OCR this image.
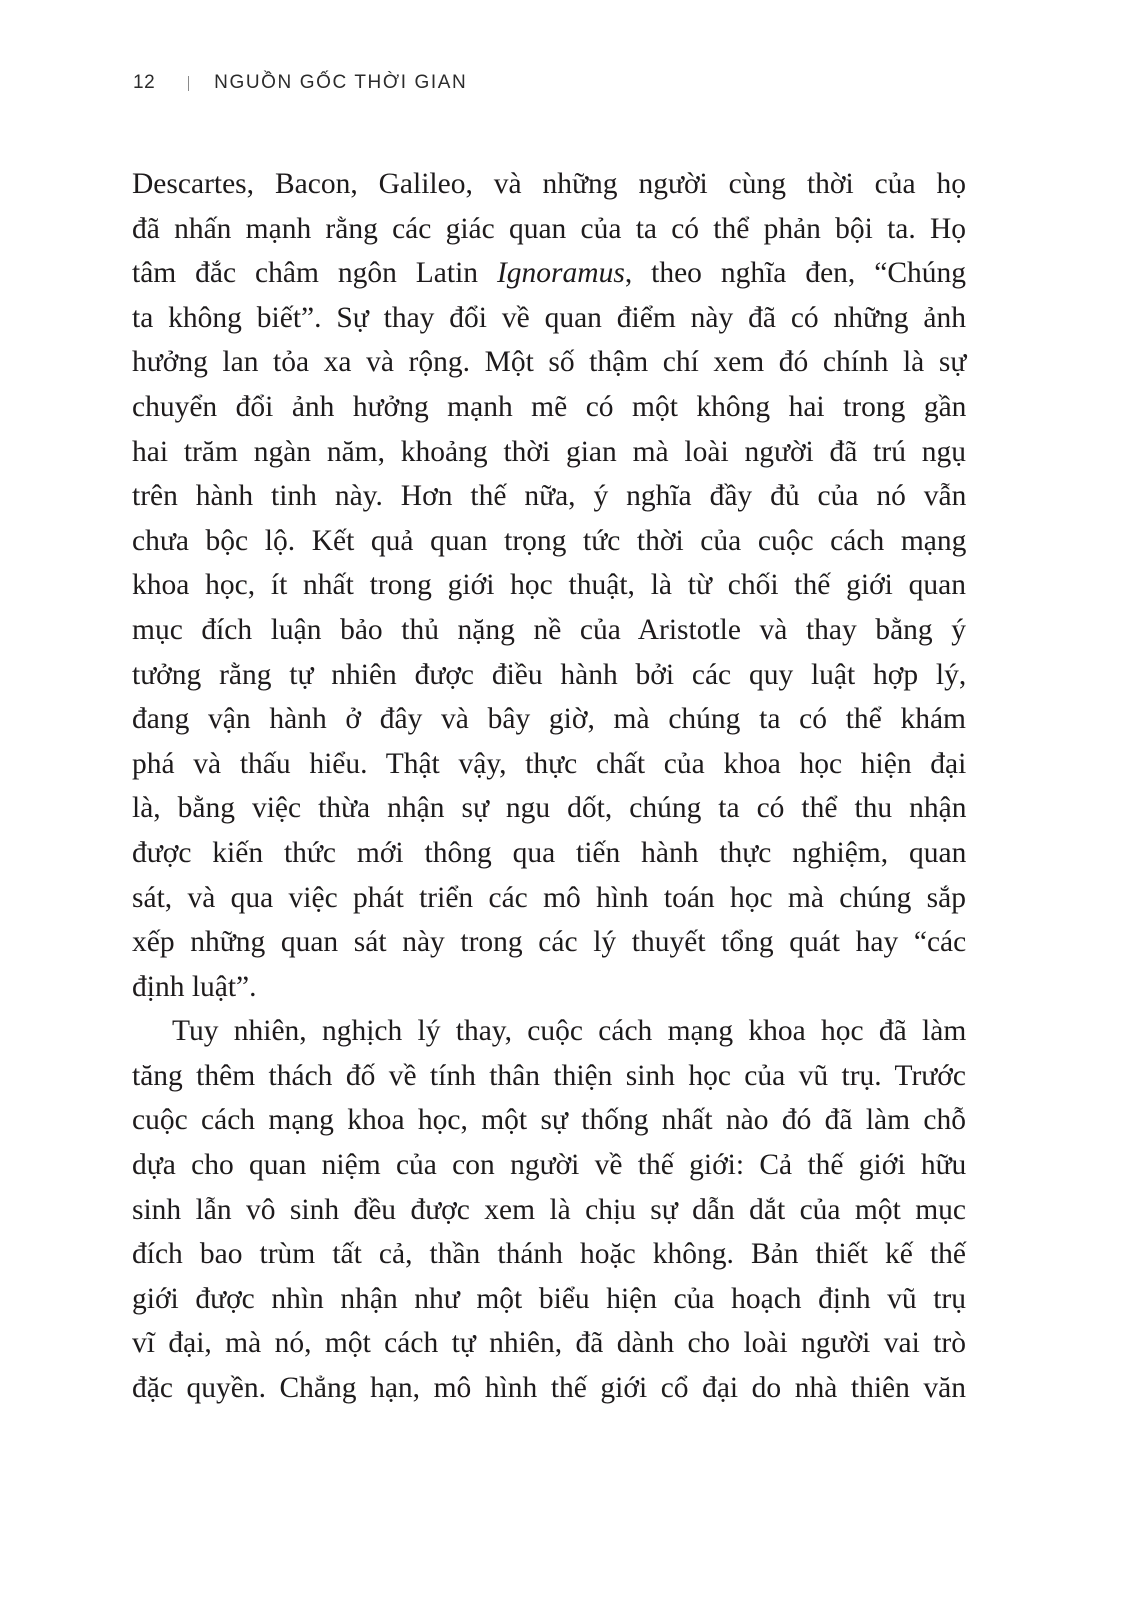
12	NGUỒN GỐC THỜI GIAN
Descartes, Bacon, Galileo, và những người cùng thời của họ
đã nhấn mạnh rằng các giác quan của ta có thể phản bội ta. Họ
tâm đắc châm ngôn Latin Ignoramus, theo nghĩa đen, “Chúng
ta không biết”. Sự thay đổi về quan điểm này đã có những ảnh
hưởng lan tỏa xa và rộng. Một số thậm chí xem đó chính là sự
chuyển đổi ảnh hưởng mạnh mẽ có một không hai trong gần
hai trăm ngàn năm, khoảng thời gian mà loài người đã trú ngụ
trên hành tinh này. Hơn thế nữa, ý nghĩa đầy đủ của nó vẫn
chưa bộc lộ. Kết quả quan trọng tức thời của cuộc cách mạng
khoa học, ít nhất trong giới học thuật, là từ chối thế giới quan
mục đích luận bảo thủ nặng nề của Aristotle và thay bằng ý
tưởng rằng tự nhiên được điều hành bởi các quy luật hợp lý,
đang vận hành ở đây và bây giờ, mà chúng ta có thể khám
phá và thấu hiểu. Thật vậy, thực chất của khoa học hiện đại
là, bằng việc thừa nhận sự ngu dốt, chúng ta có thể thu nhận
được kiến thức mới thông qua tiến hành thực nghiệm, quan
sát, và qua việc phát triển các mô hình toán học mà chúng sắp
xếp những quan sát này trong các lý thuyết tổng quát hay “các
định luật”.
Tuy nhiên, nghịch lý thay, cuộc cách mạng khoa học đã làm
tăng thêm thách đố về tính thân thiện sinh học của vũ trụ. Trước
cuộc cách mạng khoa học, một sự thống nhất nào đó đã làm chỗ
dựa cho quan niệm của con người về thế giới: Cả thế giới hữu
sinh lẫn vô sinh đều được xem là chịu sự dẫn dắt của một mục
đích bao trùm tất cả, thần thánh hoặc không. Bản thiết kế thế
giới được nhìn nhận như một biểu hiện của hoạch định vũ trụ
vĩ đại, mà nó, một cách tự nhiên, đã dành cho loài người vai trò
đặc quyền. Chẳng hạn, mô hình thế giới cổ đại do nhà thiên văn
